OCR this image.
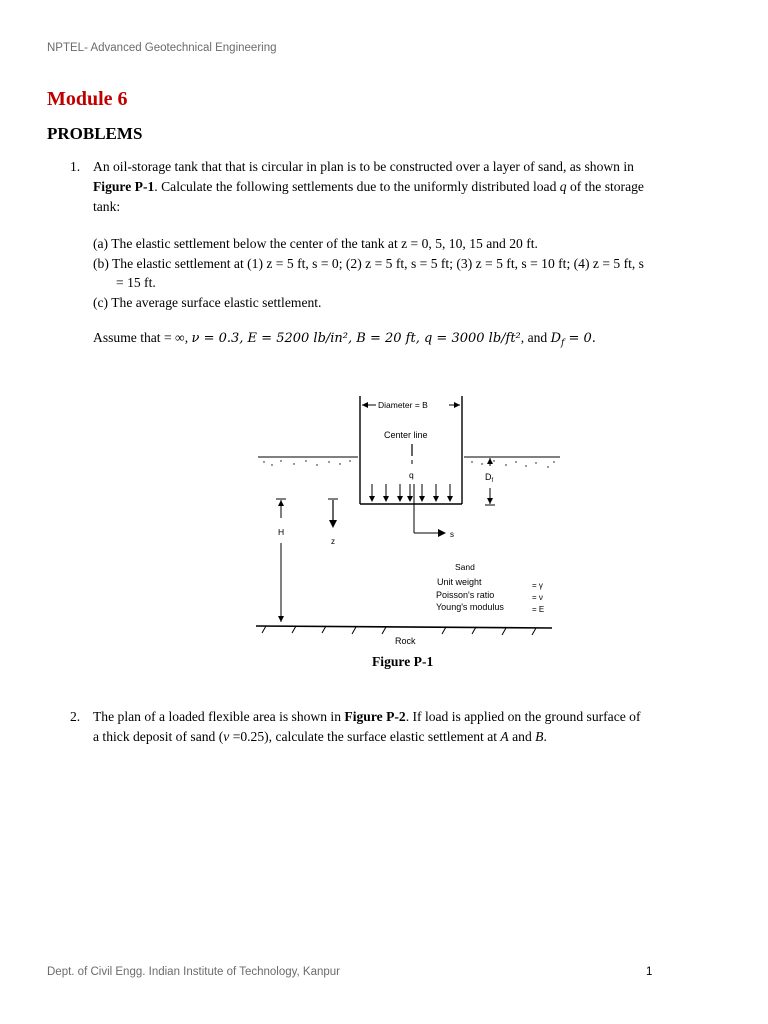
NPTEL- Advanced Geotechnical Engineering
Module 6
PROBLEMS
1. An oil-storage tank that that is circular in plan is to be constructed over a layer of sand, as shown in
Figure P-1. Calculate the following settlements due to the uniformly distributed load q of the storage
tank:
(a) The elastic settlement below the center of the tank at z = 0, 5, 10, 15 and 20 ft.
(b) The elastic settlement at (1) z = 5 ft, s = 0; (2) z = 5 ft, s = 5 ft; (3) z = 5 ft, s = 10 ft; (4) z = 5 ft, s
= 15 ft.
(c) The average surface elastic settlement.
Assume that = ∞, ν = 0.3, E = 5200 lb/in², B = 20 ft, q = 3000 lb/ft², and $D_f = 0$.
Diameter = B
Center line
q
s
$D_f$
H
z
Sand
Unit weight
Poisson's ratio
Young's modulus
= γ
= ν
= E
Rock
Figure P-1
2. The plan of a loaded flexible area is shown in Figure P-2. If load is applied on the ground surface of
a thick deposit of sand (ν =0.25), calculate the surface elastic settlement at A and B.
Dept. of Civil Engg. Indian Institute of Technology, Kanpur	1
